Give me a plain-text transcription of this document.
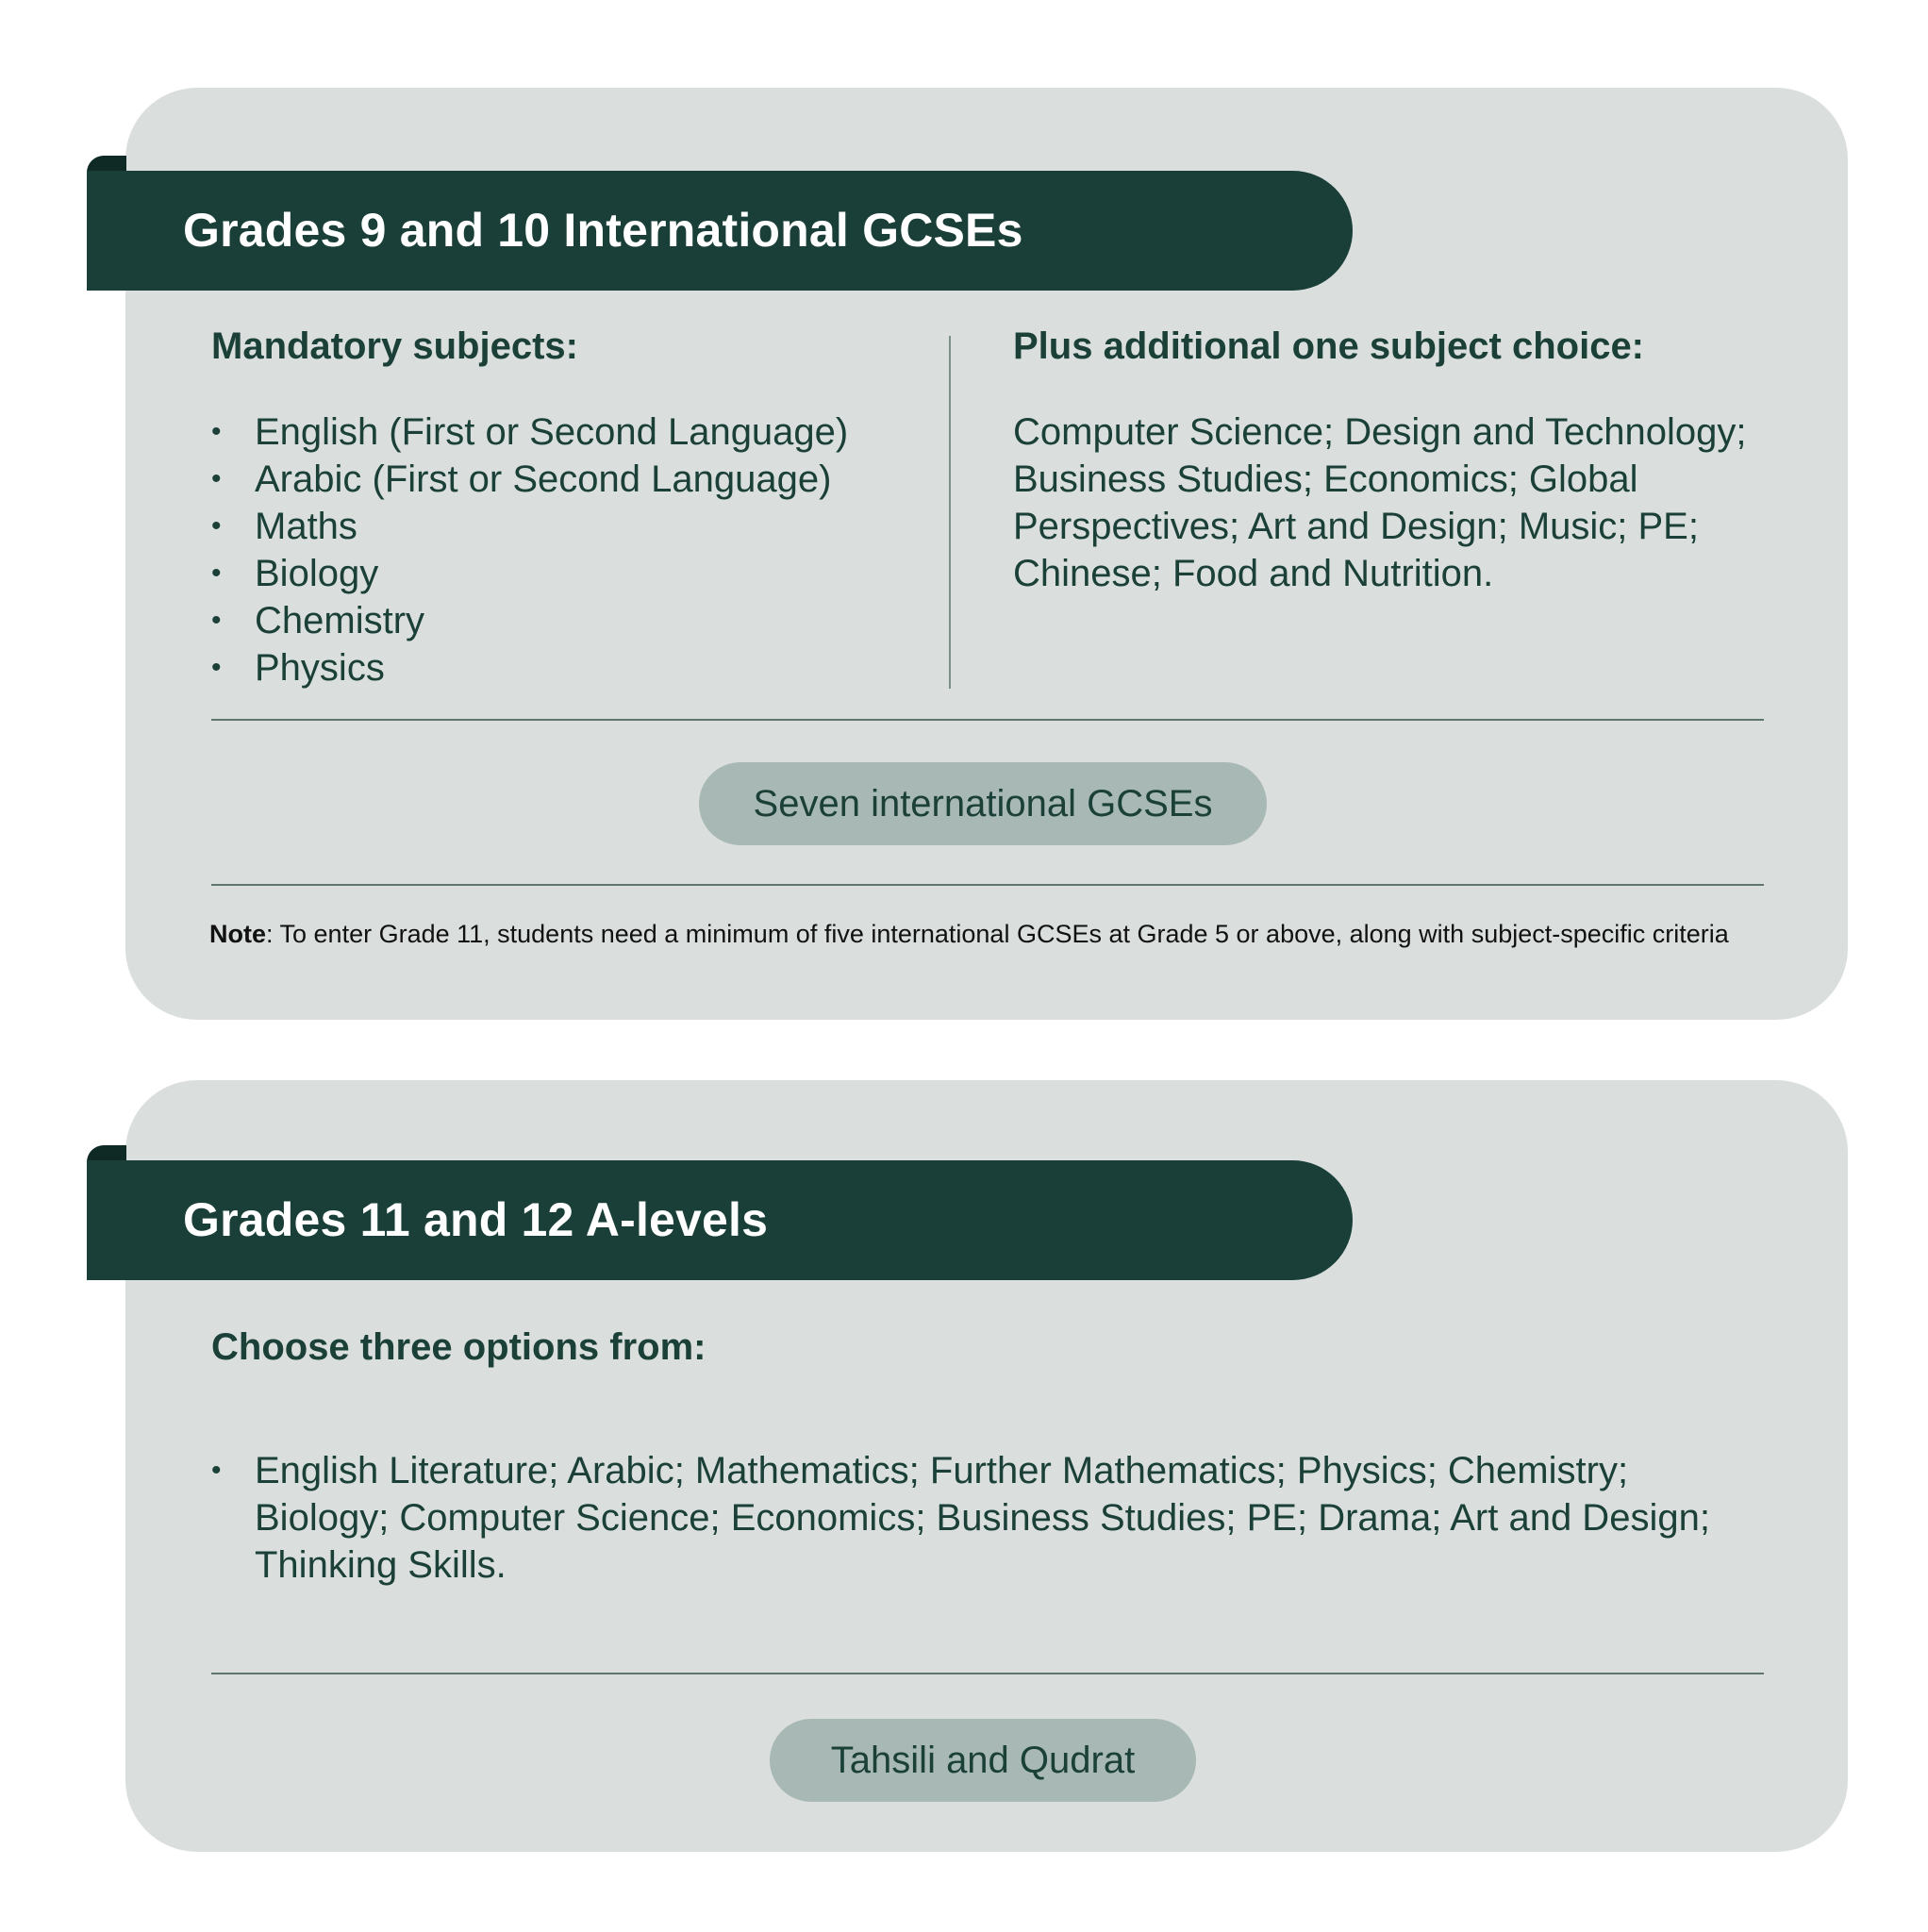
Grades 9 and 10 International GCSEs
Mandatory subjects:
• English (First or Second Language)
• Arabic (First or Second Language)
• Maths
• Biology
• Chemistry
• Physics
Plus additional one subject choice:
Computer Science; Design and Technology; Business Studies; Economics; Global Perspectives; Art and Design; Music; PE; Chinese; Food and Nutrition.
Seven international GCSEs
Note: To enter Grade 11, students need a minimum of five international GCSEs at Grade 5 or above, along with subject-specific criteria
Grades 11 and 12 A-levels
Choose three options from:
• English Literature; Arabic; Mathematics; Further Mathematics; Physics; Chemistry; Biology; Computer Science; Economics; Business Studies; PE; Drama; Art and Design; Thinking Skills.
Tahsili and Qudrat
